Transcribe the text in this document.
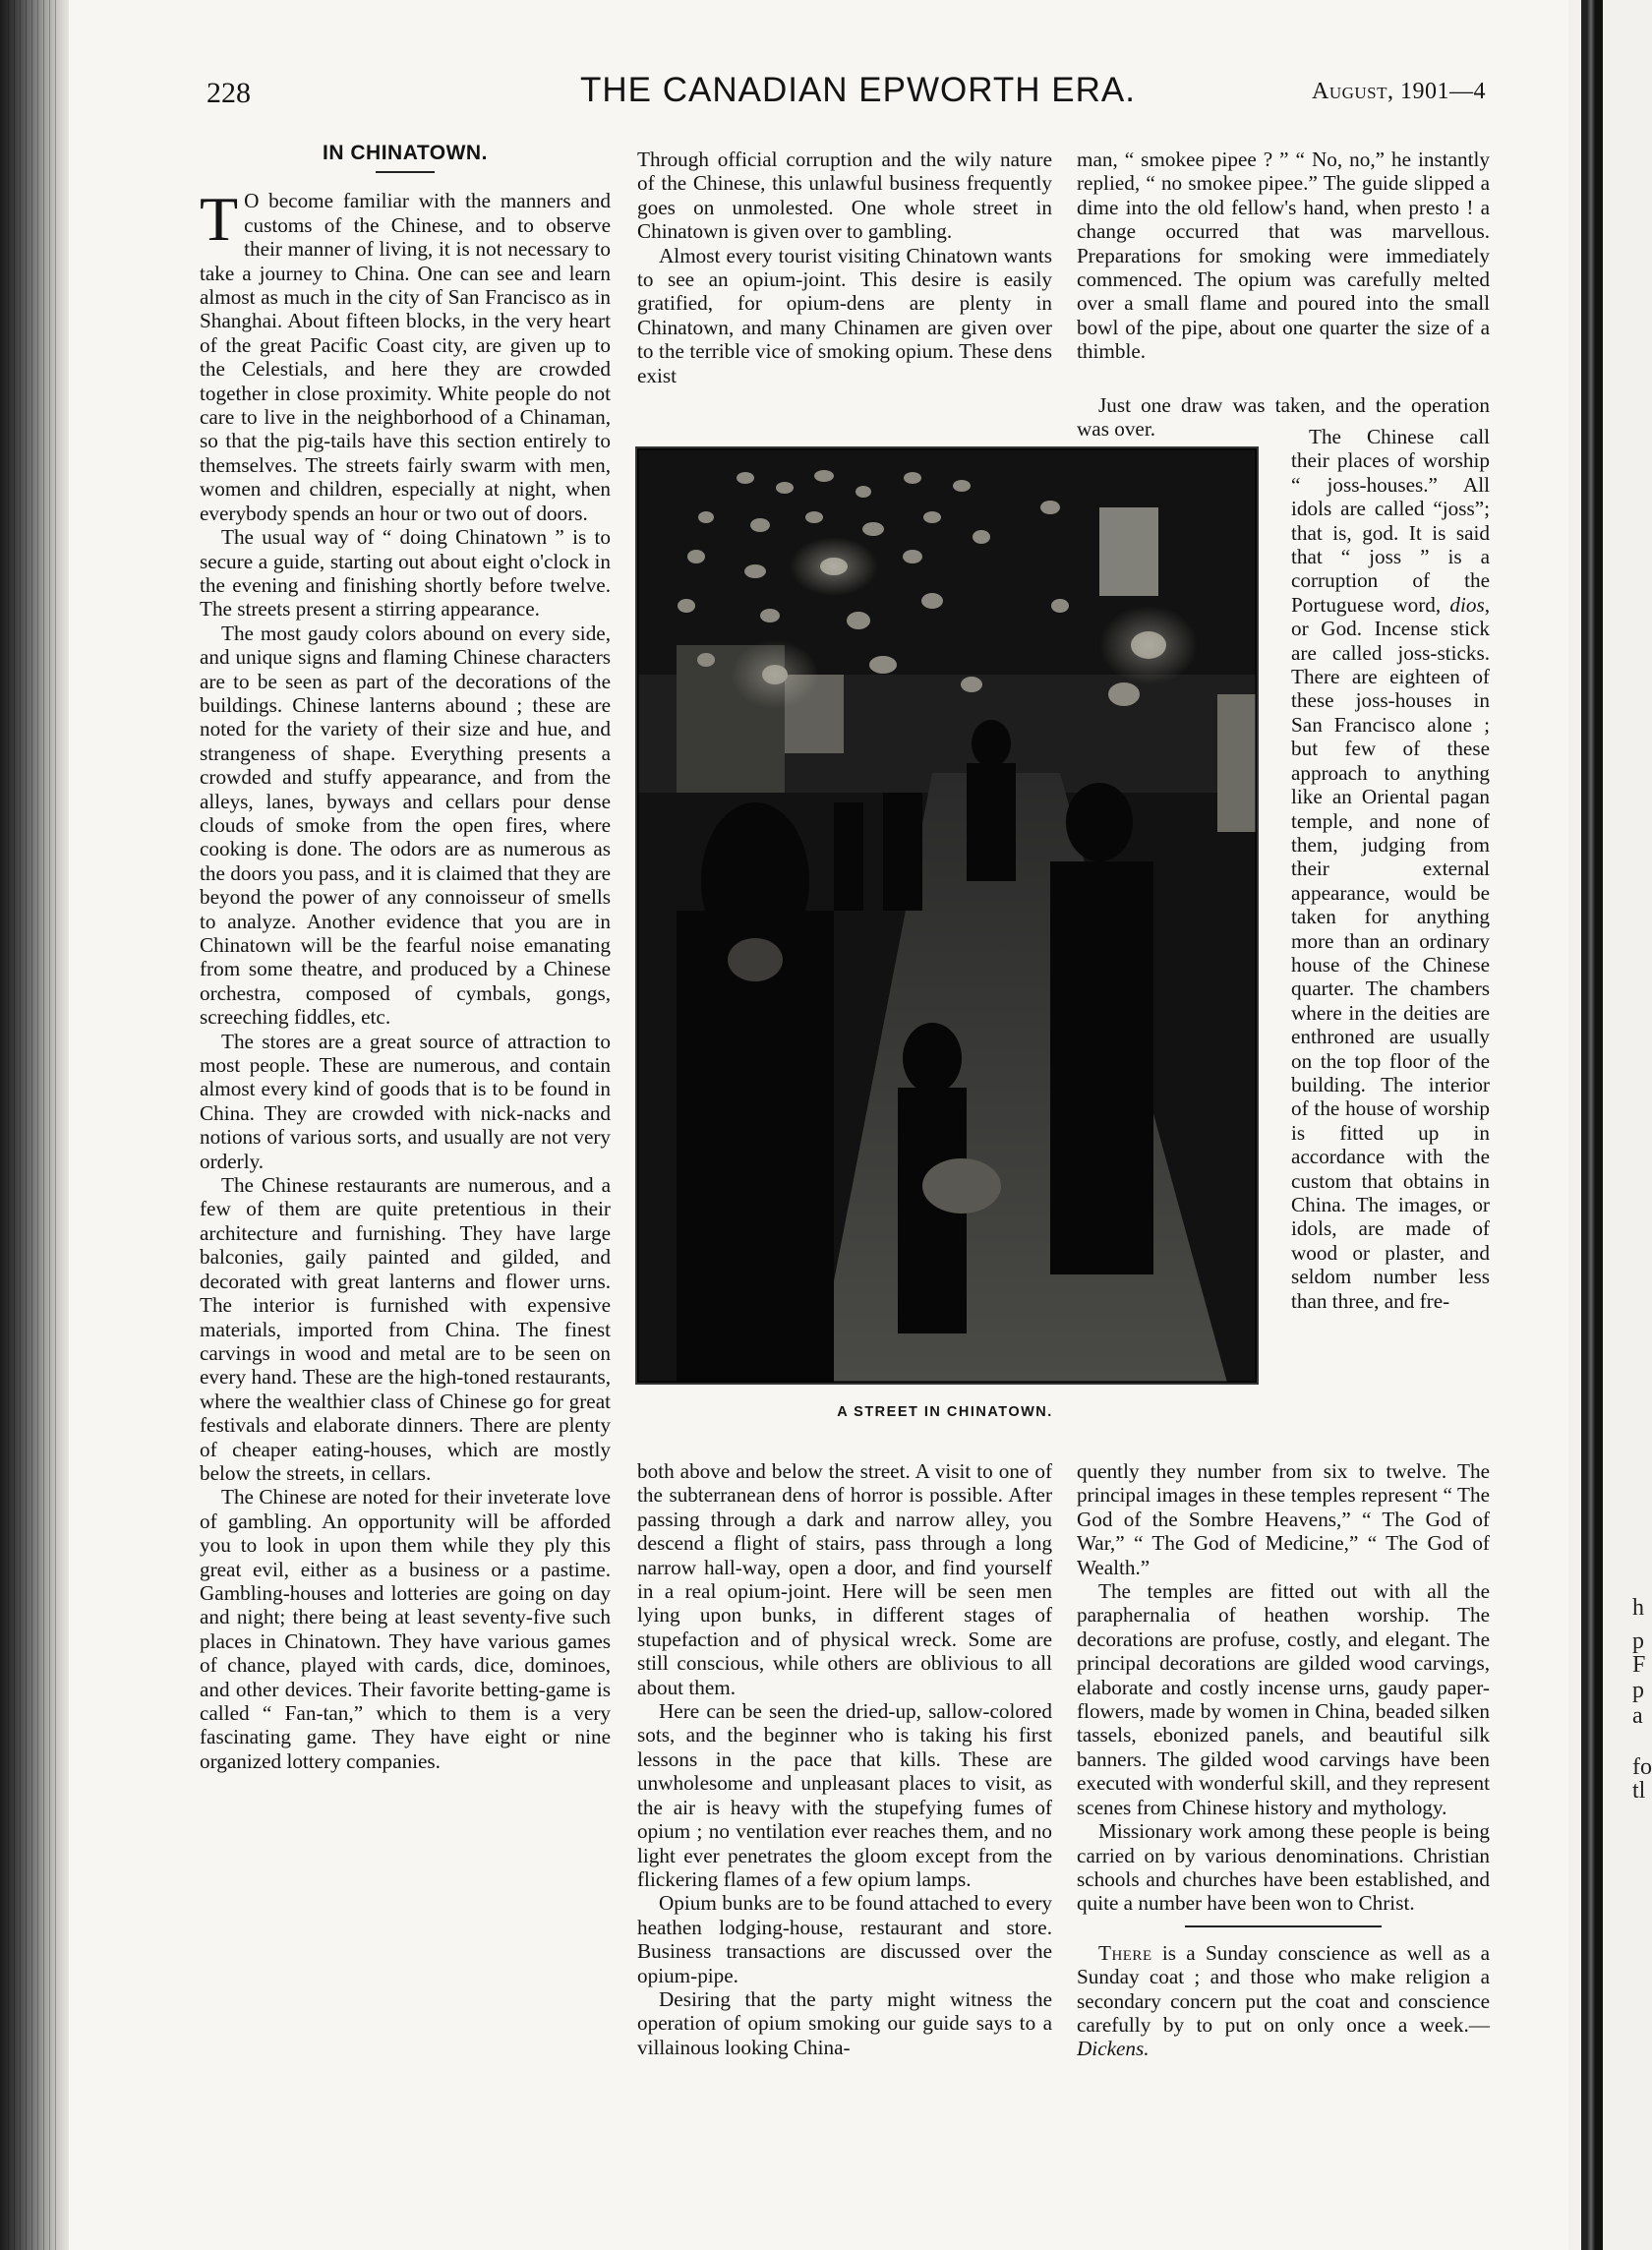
h
p
F
p
a
fo
tl
228	THE CANADIAN EPWORTH ERA.	August, 1901—4
IN CHINATOWN.

T O become familiar with the manners and customs of the Chinese, and to observe their manner of living, it is not necessary to take a journey to China. One can see and learn almost as much in the city of San Francisco as in Shanghai. About fifteen blocks, in the very heart of the great Pacific Coast city, are given up to the Celestials, and here they are crowded together in close proximity. White people do not care to live in the neighborhood of a Chinaman, so that the pig-tails have this section entirely to themselves. The streets fairly swarm with men, women and children, especially at night, when everybody spends an hour or two out of doors.

The usual way of “ doing Chinatown ” is to secure a guide, starting out about eight o'clock in the evening and finishing shortly before twelve. The streets present a stirring appearance.

The most gaudy colors abound on every side, and unique signs and flaming Chinese characters are to be seen as part of the decorations of the buildings. Chinese lanterns abound ; these are noted for the variety of their size and hue, and strangeness of shape. Everything presents a crowded and stuffy appearance, and from the alleys, lanes, byways and cellars pour dense clouds of smoke from the open fires, where cooking is done. The odors are as numerous as the doors you pass, and it is claimed that they are beyond the power of any connoisseur of smells to analyze. Another evidence that you are in Chinatown will be the fearful noise emanating from some theatre, and produced by a Chinese orchestra, composed of cymbals, gongs, screeching fiddles, etc.

The stores are a great source of attraction to most people. These are numerous, and contain almost every kind of goods that is to be found in China. They are crowded with nick-nacks and notions of various sorts, and usually are not very orderly.

The Chinese restaurants are numerous, and a few of them are quite pretentious in their architecture and furnishing. They have large balconies, gaily painted and gilded, and decorated with great lanterns and flower urns. The interior is furnished with expensive materials, imported from China. The finest carvings in wood and metal are to be seen on every hand. These are the high-toned restaurants, where the wealthier class of Chinese go for great festivals and elaborate dinners. There are plenty of cheaper eating-houses, which are mostly below the streets, in cellars.

The Chinese are noted for their inveterate love of gambling. An opportunity will be afforded you to look in upon them while they ply this great evil, either as a business or a pastime. Gambling-houses and lotteries are going on day and night; there being at least seventy-five such places in Chinatown. They have various games of chance, played with cards, dice, dominoes, and other devices. Their favorite betting-game is called “ Fan-tan,” which to them is a very fascinating game. They have eight or nine organized lottery companies.

Through official corruption and the wily nature of the Chinese, this unlawful business frequently goes on unmolested. One whole street in Chinatown is given over to gambling.

Almost every tourist visiting Chinatown wants to see an opium-joint. This desire is easily gratified, for opium-dens are plenty in Chinatown, and many Chinamen are given over to the terrible vice of smoking opium. These dens exist

man, “ smokee pipee ? ” “ No, no,” he instantly replied, “ no smokee pipee.” The guide slipped a dime into the old fellow's hand, when presto ! a change occurred that was marvellous. Preparations for smoking were immediately commenced. The opium was carefully melted over a small flame and poured into the small bowl of the pipe, about one quarter the size of a thimble.

Just one draw was taken, and the operation was over.	The Chinese call their places of worship “ joss-houses.” All idols are called “joss”; that is, god. It is said that “ joss ” is a corruption of the Portuguese word, dios, or God. Incense stick are called joss-sticks. There are eighteen of these joss-houses in San Francisco alone ; but few of these approach to anything like an Oriental pagan temple, and none of them, judging from their external appearance, would be taken for anything more than an ordinary house of the Chinese quarter. The chambers where in the deities are enthroned are usually on the top floor of the building. The interior of the house of worship is fitted up in accordance with the custom that obtains in China. The images, or idols, are made of wood or plaster, and seldom number less than three, and fre-

A STREET IN CHINATOWN.

both above and below the street. A visit to one of the subterranean dens of horror is possible. After passing through a dark and narrow alley, you descend a flight of stairs, pass through a long narrow hall-way, open a door, and find yourself in a real opium-joint. Here will be seen men lying upon bunks, in different stages of stupefaction and of physical wreck. Some are still conscious, while others are oblivious to all about them.

Here can be seen the dried-up, sallow-colored sots, and the beginner who is taking his first lessons in the pace that kills. These are unwholesome and unpleasant places to visit, as the air is heavy with the stupefying fumes of opium ; no ventilation ever reaches them, and no light ever penetrates the gloom except from the flickering flames of a few opium lamps.

Opium bunks are to be found attached to every heathen lodging-house, restaurant and store. Business transactions are discussed over the opium-pipe.

Desiring that the party might witness the operation of opium smoking our guide says to a villainous looking China-

quently they number from six to twelve. The principal images in these temples represent “ The God of the Sombre Heavens,” “ The God of War,” “ The God of Medicine,” “ The God of Wealth.”

The temples are fitted out with all the paraphernalia of heathen worship. The decorations are profuse, costly, and elegant. The principal decorations are gilded wood carvings, elaborate and costly incense urns, gaudy paper-flowers, made by women in China, beaded silken tassels, ebonized panels, and beautiful silk banners. The gilded wood carvings have been executed with wonderful skill, and they represent scenes from Chinese history and mythology.

Missionary work among these people is being carried on by various denominations. Christian schools and churches have been established, and quite a number have been won to Christ.

There is a Sunday conscience as well as a Sunday coat ; and those who make religion a secondary concern put the coat and conscience carefully by to put on only once a week.—Dickens.
